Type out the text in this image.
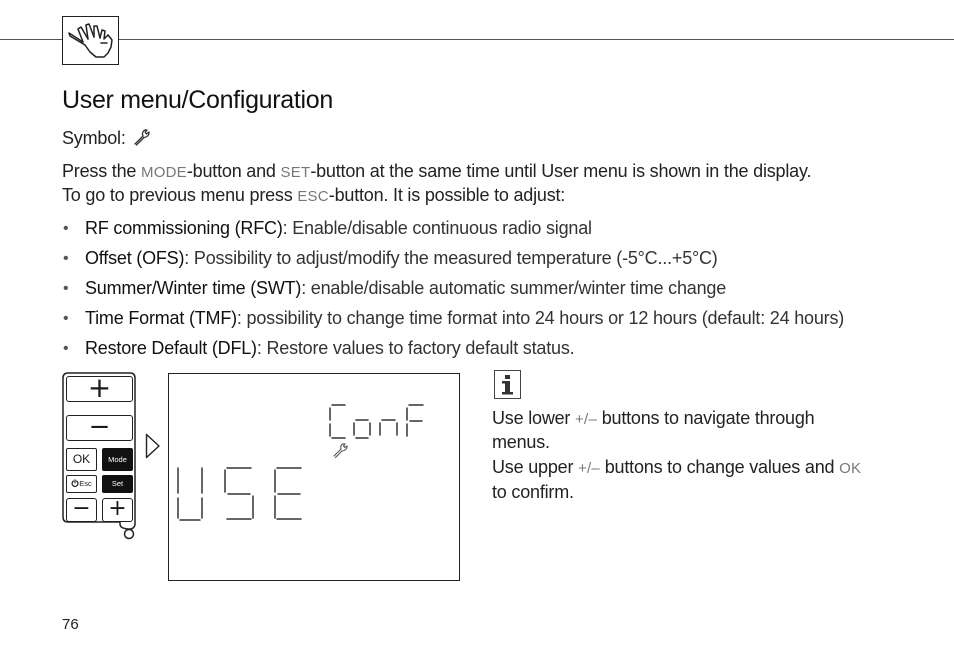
User menu/Configuration
Symbol:
Press the MODE-button and SET-button at the same time until User menu is shown in the display.
To go to previous menu press ESC-button. It is possible to adjust:
• RF commissioning (RFC): Enable/disable continuous radio signal
• Offset (OFS): Possibility to adjust/modify the measured temperature (-5°C...+5°C)
• Summer/Winter time (SWT): enable/disable automatic summer/winter time change
• Time Format (TMF): possibility to change time format into 24 hours or 12 hours (default: 24 hours)
• Restore Default (DFL): Restore values to factory default status.
+
−
OK	Mode
Esc	Set
− +
Use lower +/– buttons to navigate through
menus.
Use upper +/– buttons to change values and OK
to confirm.
76
